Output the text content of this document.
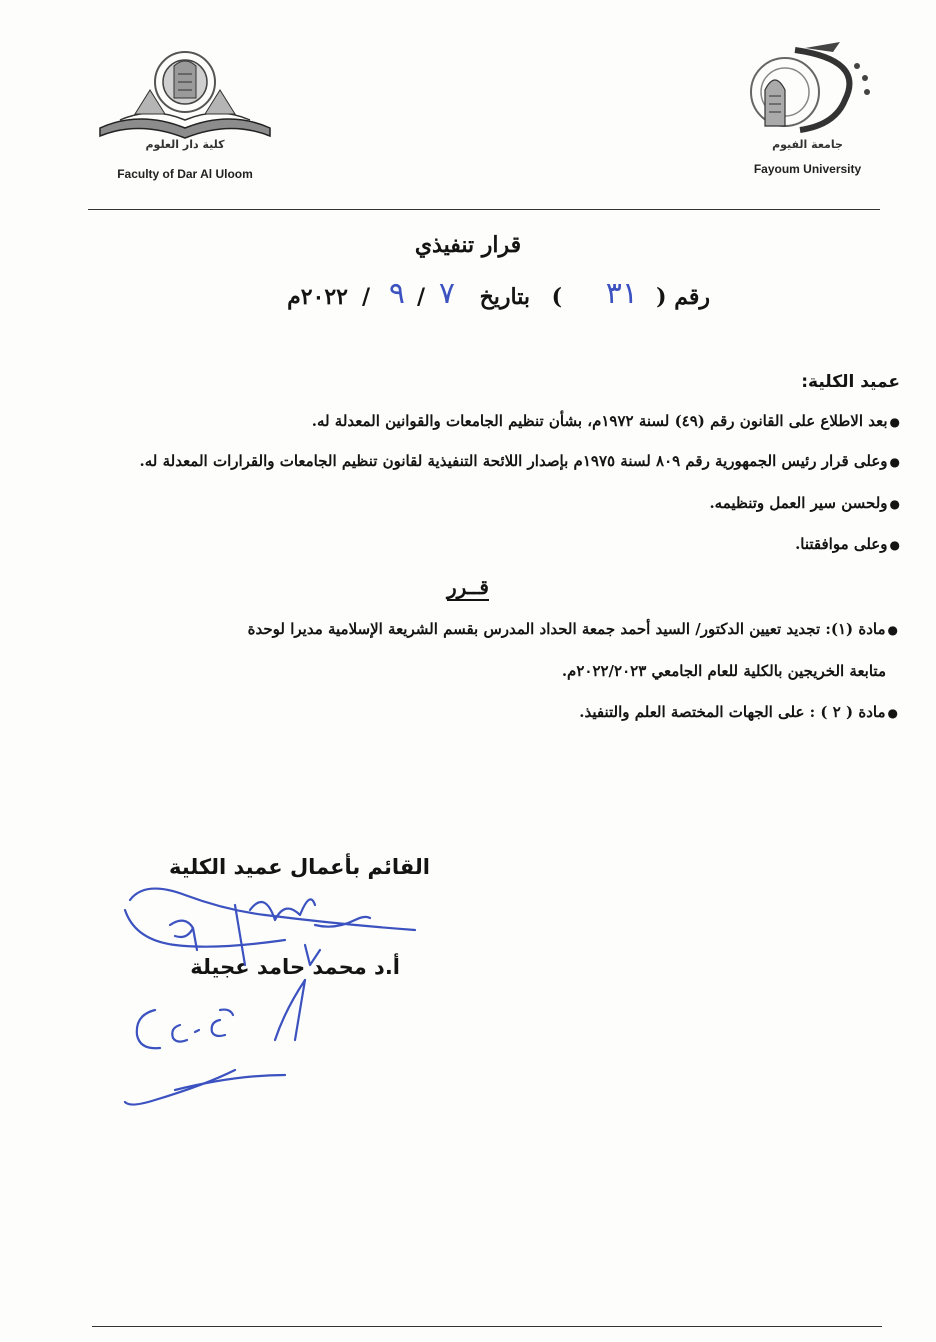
كلية دار العلوم
Faculty of Dar Al Uloom
جامعة الفيوم
Fayoum University
قرار تنفيذي
رقم (
٣١
)
بتاريخ
٧
/
٩
/
٢٠٢٢م
عميد الكلية:
●بعد الاطلاع على القانون رقم (٤٩) لسنة ١٩٧٢م، بشأن تنظيم الجامعات والقوانين المعدلة له.
●وعلى قرار رئيس الجمهورية رقم ٨٠٩ لسنة ١٩٧٥م بإصدار اللائحة التنفيذية لقانون تنظيم الجامعات والقرارات المعدلة له.
●ولحسن سير العمل وتنظيمه.
●وعلى موافقتنا.
قــرر
●مادة (١): تجديد تعيين الدكتور/ السيد أحمد جمعة الحداد المدرس بقسم الشريعة الإسلامية مديرا لوحدة
متابعة الخريجين بالكلية للعام الجامعي ٢٠٢٢/٢٠٢٣م.
●مادة ( ٢ ) : على الجهات المختصة العلم والتنفيذ.
القائم بأعمال عميد الكلية
أ.د محمد حامد عجيلة
